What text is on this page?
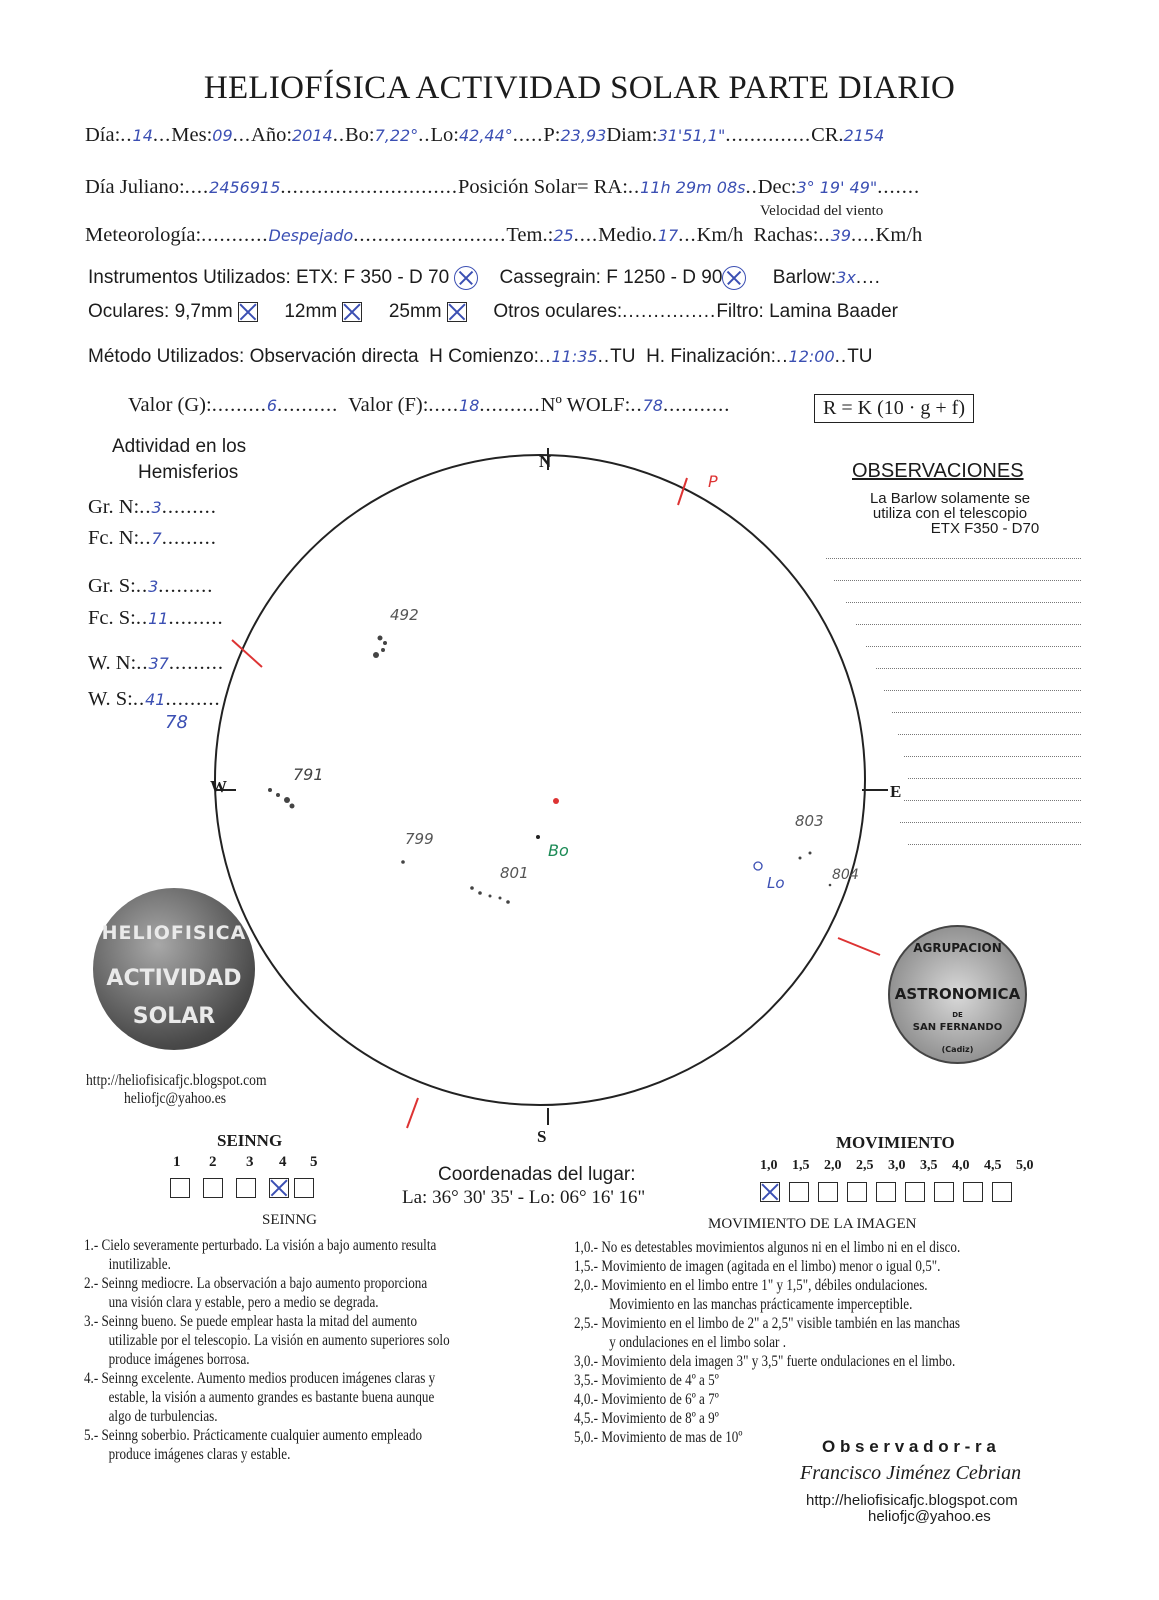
HELIOFÍSICA ACTIVIDAD SOLAR PARTE DIARIO
Día:..14...Mes:09...Año:2014..Bo:7,22°..Lo:42,44°.....P:23,93Diam:31'51,1"..............CR.2154
Día Juliano:....2456915.............................Posición Solar= RA:..11h 29m 08s..Dec:3° 19' 49".......
Velocidad del viento
Meteorología:...........Despejado.........................Tem.:25....Medio.17...Km/h Rachas:..39....Km/h
Instrumentos Utilizados: ETX: F 350 - D 70	Cassegrain: F 1250 - D 90	Barlow:3x....
Oculares: 9,7mm	12mm	25mm	Otros oculares:...............Filtro: Lamina Baader
Método Utilizados: Observación directa H Comienzo:..11:35..TU H. Finalización:..12:00..TU
Valor (G):.........6.......... Valor (F):.....18..........Nº WOLF:..78...........	R = K (10 · g + f)
Adtividad en los
Hemisferios
Gr. N:..3.........
Fc. N:..7.........
Gr. S:..3.........
Fc. S:..11.........
W. N:..37.........
W. S:..41.........
78
N
S
W	E
P
Bo
Lo
492
791
799
801
803
804
OBSERVACIONES
La Barlow solamente se
utiliza con el telescopio
ETX F350 - D70
HELIOFISICA
ACTIVIDAD
SOLAR
http://heliofisicafjc.blogspot.com
heliofjc@yahoo.es
AGRUPACION
ASTRONOMICA
DE
SAN FERNANDO
(Cadiz)
SEINNG
1 2 3 4 5
SEINNG
1.- Cielo severamente perturbado. La visión a bajo aumento resulta
inutilizable.
2.- Seinng mediocre. La observación a bajo aumento proporciona
una visión clara y estable, pero a medio se degrada.
3.- Seinng bueno. Se puede emplear hasta la mitad del aumento
utilizable por el telescopio. La visión en aumento superiores solo
produce imágenes borrosa.
4.- Seinng excelente. Aumento medios producen imágenes claras y
estable, la visión a aumento grandes es bastante buena aunque
algo de turbulencias.
5.- Seinng soberbio. Prácticamente cualquier aumento empleado
produce imágenes claras y estable.
Coordenadas del lugar:
La: 36° 30' 35' - Lo: 06° 16' 16"
MOVIMIENTO
1,0 1,5 2,0 2,5 3,0 3,5 4,0 4,5 5,0
MOVIMIENTO DE LA IMAGEN
1,0.- No es detestables movimientos algunos ni en el limbo ni en el disco.
1,5.- Movimiento de imagen (agitada en el limbo) menor o igual 0,5".
2,0.- Movimiento en el limbo entre 1" y 1,5", débiles ondulaciones.
Movimiento en las manchas prácticamente imperceptible.
2,5.- Movimiento en el limbo de 2" a 2,5" visible también en las manchas
y ondulaciones en el limbo solar .
3,0.- Movimiento dela imagen 3" y 3,5" fuerte ondulaciones en el limbo.
3,5.- Movimiento de 4º a 5º
4,0.- Movimiento de 6º a 7º
4,5.- Movimiento de 8º a 9º
5,0.- Movimiento de mas de 10º	O b s e r v a d o r - r a
Francisco Jiménez Cebrian
http://heliofisicafjc.blogspot.com
heliofjc@yahoo.es
